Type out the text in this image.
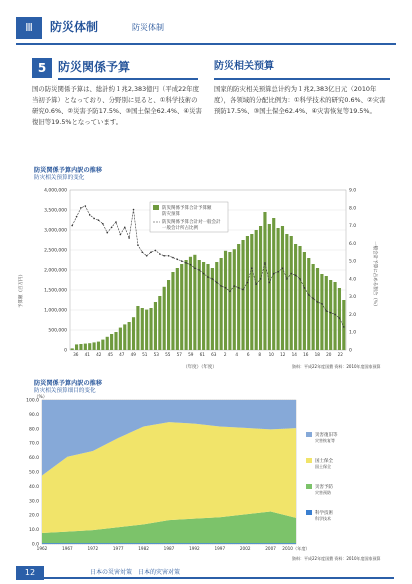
Ⅲ	防災体制	防災体制
5 防災関係予算	防災相关预算
国の防災関係予算は、総計約１兆2,383億円（平成22年度当初予算）となっており、分野別に見ると、①科学技術の研究0.6%、②災害予防17.5%、③国土保全62.4%、④災害復旧等19.5%となっています。
国家的防灾相关预算总计约为１兆2,383亿日元（2010年度），各领域的分配比例为：①科学技术的研究0.6%、②灾害预防17.5%、③国土保全62.4%、④灾害恢复等19.5%。
防災関係予算内訳の推移
防灾相关预算的变化
0
500,000
1,000,000
1,500,000
2,000,000
2,500,000
3,000,000
3,500,000
4,000,000
0
1.0
2.0
3.0
4.0
5.0
6.0
7.0
8.0
9.0
36 41 42 45 47 49 51 53 55 57 59 61 63 2 4 6 8 10 12 14 16 18 20 22
防災関係予算合計予算額
防灾预算
防災関係予算合計対一般会計
一般会计所占比例
予算額（百万円）	一般会計予算に占める割合（％）
（年度）（年度）	資料：平成22年度国費 资料：2010年度国家预算
防災関係予算内訳の推移
防灾相关预算细目的变化
（%）
0.0
10.0
20.0
30.0
40.0
50.0
60.0
70.0
80.0
90.0
100.0
1962	1967	1972	1977	1982	1987	1992	1997	2002	2007 2010（年度）
災害復旧等
灾害恢复等
国土保全
国土保全
災害予防
灾害预防
科学技術
科学技术
資料：平成22年度国費 资料：2010年度国家预算
12	日本の災害対策　日本的灾害对策
